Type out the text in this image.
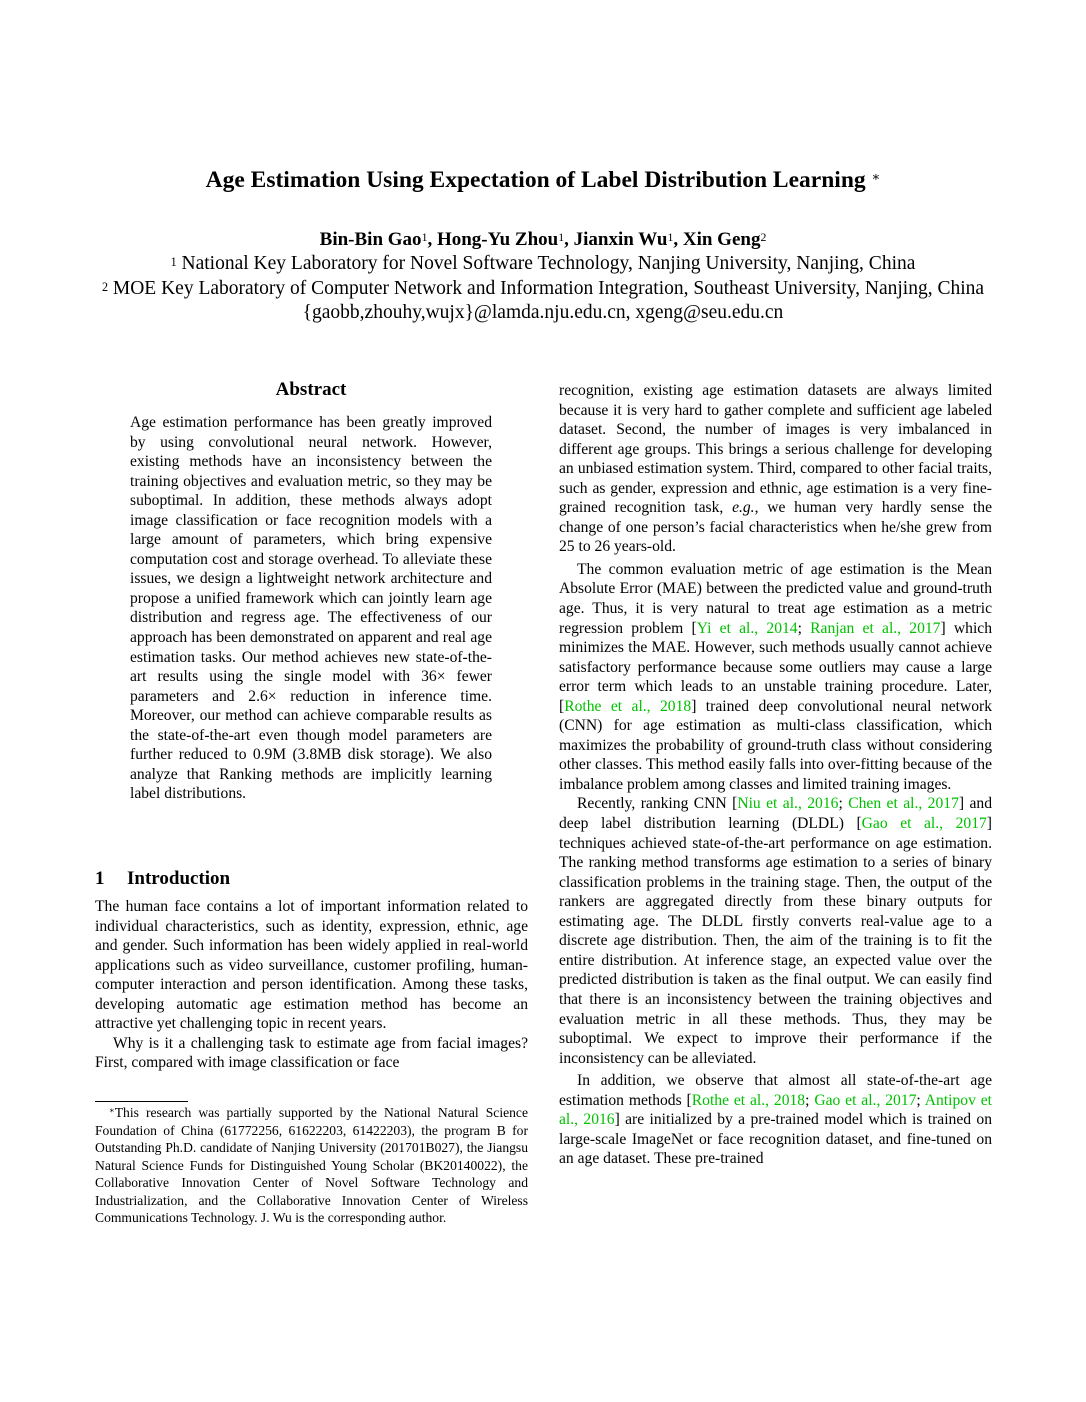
Age Estimation Using Expectation of Label Distribution Learning ∗
Bin-Bin Gao$^1$, Hong-Yu Zhou$^1$, Jianxin Wu$^1$, Xin Geng$^2$
$^1$ National Key Laboratory for Novel Software Technology, Nanjing University, Nanjing, China
$^2$ MOE Key Laboratory of Computer Network and Information Integration, Southeast University, Nanjing, China
{gaobb,zhouhy,wujx}@lamda.nju.edu.cn, xgeng@seu.edu.cn
Abstract

Age estimation performance has been greatly improved by using convolutional neural network. However, existing methods have an inconsistency between the training objectives and evaluation metric, so they may be suboptimal. In addition, these methods always adopt image classification or face recognition models with a large amount of parameters, which bring expensive computation cost and storage overhead. To alleviate these issues, we design a lightweight network architecture and propose a unified framework which can jointly learn age distribution and regress age. The effectiveness of our approach has been demonstrated on apparent and real age estimation tasks. Our method achieves new state-of-the-art results using the single model with 36× fewer parameters and 2.6× reduction in inference time. Moreover, our method can achieve comparable results as the state-of-the-art even though model parameters are further reduced to 0.9M (3.8MB disk storage). We also analyze that Ranking methods are implicitly learning label distributions.

1 Introduction

The human face contains a lot of important information related to individual characteristics, such as identity, expression, ethnic, age and gender. Such information has been widely applied in real-world applications such as video surveillance, customer profiling, human-computer interaction and person identification. Among these tasks, developing automatic age estimation method has become an attractive yet challenging topic in recent years.

Why is it a challenging task to estimate age from facial images? First, compared with image classification or face

∗This research was partially supported by the National Natural Science Foundation of China (61772256, 61622203, 61422203), the program B for Outstanding Ph.D. candidate of Nanjing University (201701B027), the Jiangsu Natural Science Funds for Distinguished Young Scholar (BK20140022), the Collaborative Innovation Center of Novel Software Technology and Industrialization, and the Collaborative Innovation Center of Wireless Communications Technology. J. Wu is the corresponding author.

recognition, existing age estimation datasets are always limited because it is very hard to gather complete and sufficient age labeled dataset. Second, the number of images is very imbalanced in different age groups. This brings a serious challenge for developing an unbiased estimation system. Third, compared to other facial traits, such as gender, expression and ethnic, age estimation is a very fine-grained recognition task, e.g., we human very hardly sense the change of one person’s facial characteristics when he/she grew from 25 to 26 years-old.

The common evaluation metric of age estimation is the Mean Absolute Error (MAE) between the predicted value and ground-truth age. Thus, it is very natural to treat age estimation as a metric regression problem [Yi et al., 2014; Ranjan et al., 2017] which minimizes the MAE. However, such methods usually cannot achieve satisfactory performance because some outliers may cause a large error term which leads to an unstable training procedure. Later, [Rothe et al., 2018] trained deep convolutional neural network (CNN) for age estimation as multi-class classification, which maximizes the probability of ground-truth class without considering other classes. This method easily falls into over-fitting because of the imbalance problem among classes and limited training images.

Recently, ranking CNN [Niu et al., 2016; Chen et al., 2017] and deep label distribution learning (DLDL) [Gao et al., 2017] techniques achieved state-of-the-art performance on age estimation. The ranking method transforms age estimation to a series of binary classification problems in the training stage. Then, the output of the rankers are aggregated directly from these binary outputs for estimating age. The DLDL firstly converts real-value age to a discrete age distribution. Then, the aim of the training is to fit the entire distribution. At inference stage, an expected value over the predicted distribution is taken as the final output. We can easily find that there is an inconsistency between the training objectives and evaluation metric in all these methods. Thus, they may be suboptimal. We expect to improve their performance if the inconsistency can be alleviated.

In addition, we observe that almost all state-of-the-art age estimation methods [Rothe et al., 2018; Gao et al., 2017; Antipov et al., 2016] are initialized by a pre-trained model which is trained on large-scale ImageNet or face recognition dataset, and fine-tuned on an age dataset. These pre-trained
